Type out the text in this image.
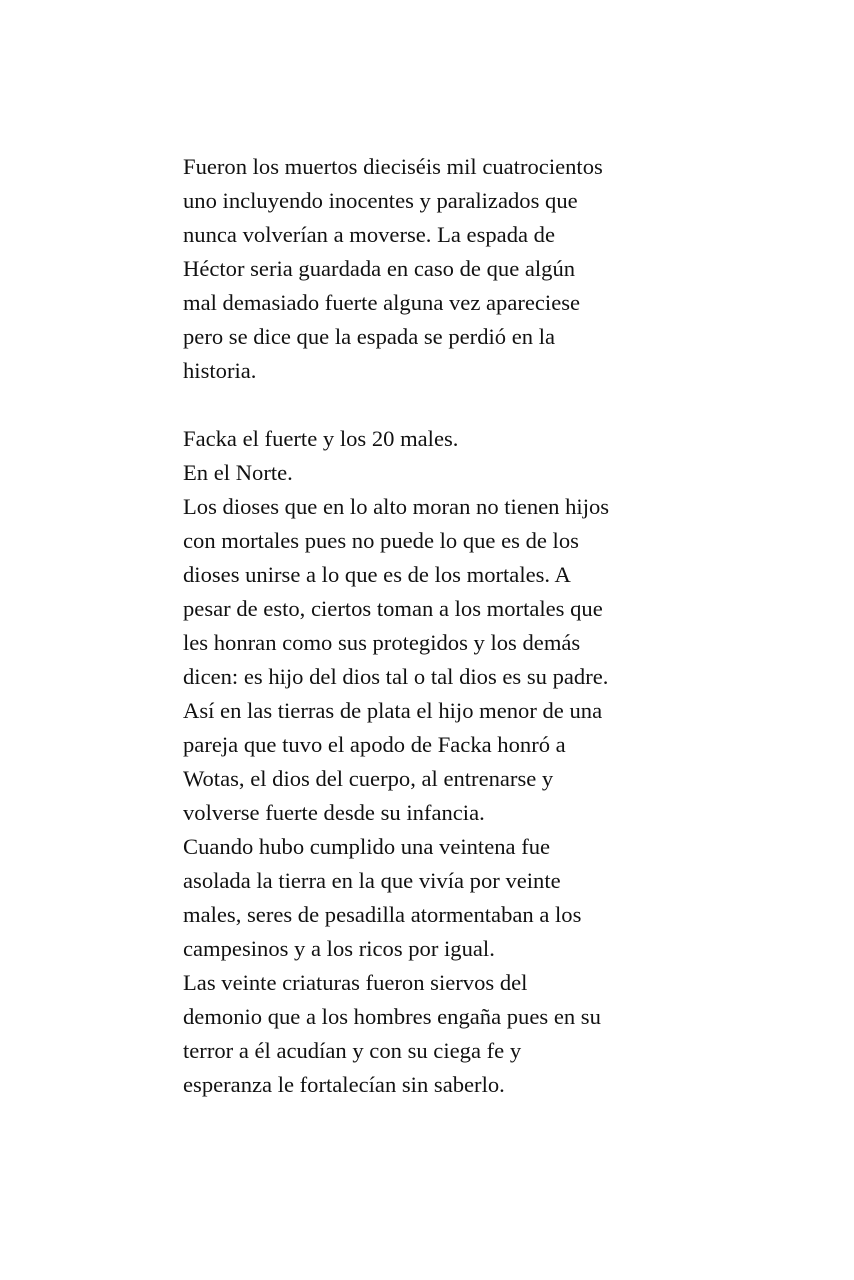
Fueron los muertos dieciséis mil cuatrocientos
uno incluyendo inocentes y paralizados que
nunca volverían a moverse. La espada de
Héctor seria guardada en caso de que algún
mal demasiado fuerte alguna vez apareciese
pero se dice que la espada se perdió en la
historia.
Facka el fuerte y los 20 males.
En el Norte.
Los dioses que en lo alto moran no tienen hijos
con mortales pues no puede lo que es de los
dioses unirse a lo que es de los mortales. A
pesar de esto, ciertos toman a los mortales que
les honran como sus protegidos y los demás
dicen: es hijo del dios tal o tal dios es su padre.
Así en las tierras de plata el hijo menor de una
pareja que tuvo el apodo de Facka honró a
Wotas, el dios del cuerpo, al entrenarse y
volverse fuerte desde su infancia.
Cuando hubo cumplido una veintena fue
asolada la tierra en la que vivía por veinte
males, seres de pesadilla atormentaban a los
campesinos y a los ricos por igual.
Las veinte criaturas fueron siervos del
demonio que a los hombres engaña pues en su
terror a él acudían y con su ciega fe y
esperanza le fortalecían sin saberlo.
